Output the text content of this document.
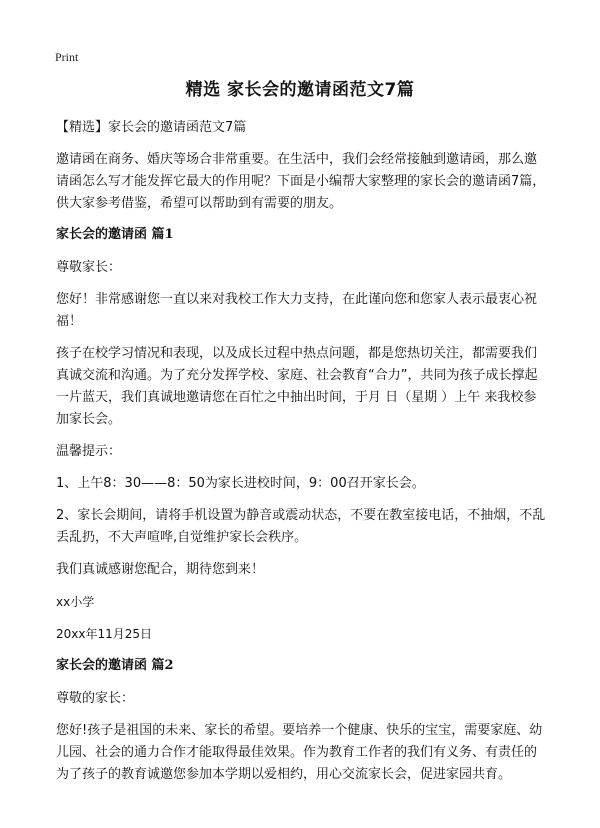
Print
精选 家长会的邀请函范文7篇

【精选】家长会的邀请函范文7篇

邀请函在商务、婚庆等场合非常重要。在生活中，我们会经常接触到邀请函，那么邀请函怎么写才能发挥它最大的作用呢？下面是小编帮大家整理的家长会的邀请函7篇，供大家参考借鉴，希望可以帮助到有需要的朋友。

家长会的邀请函 篇1

尊敬家长：

您好！非常感谢您一直以来对我校工作大力支持，在此谨向您和您家人表示最衷心祝福！

孩子在校学习情况和表现，以及成长过程中热点问题，都是您热切关注，都需要我们真诚交流和沟通。为了充分发挥学校、家庭、社会教育“合力”，共同为孩子成长撑起一片蓝天，我们真诚地邀请您在百忙之中抽出时间，于月 日（星期 ）上午 来我校参加家长会。

温馨提示：

1、上午8：30——8：50为家长进校时间，9：00召开家长会。

2、家长会期间，请将手机设置为静音或震动状态，不要在教室接电话，不抽烟，不乱丢乱扔，不大声喧哗,自觉维护家长会秩序。

我们真诚感谢您配合，期待您到来！

xx小学

20xx年11月25日

家长会的邀请函 篇2

尊敬的家长：

您好!孩子是祖国的未来、家长的希望。要培养一个健康、快乐的宝宝，需要家庭、幼儿园、社会的通力合作才能取得最佳效果。作为教育工作者的我们有义务、有责任的为了孩子的教育诚邀您参加本学期以爱相约，用心交流家长会，促进家园共育。
